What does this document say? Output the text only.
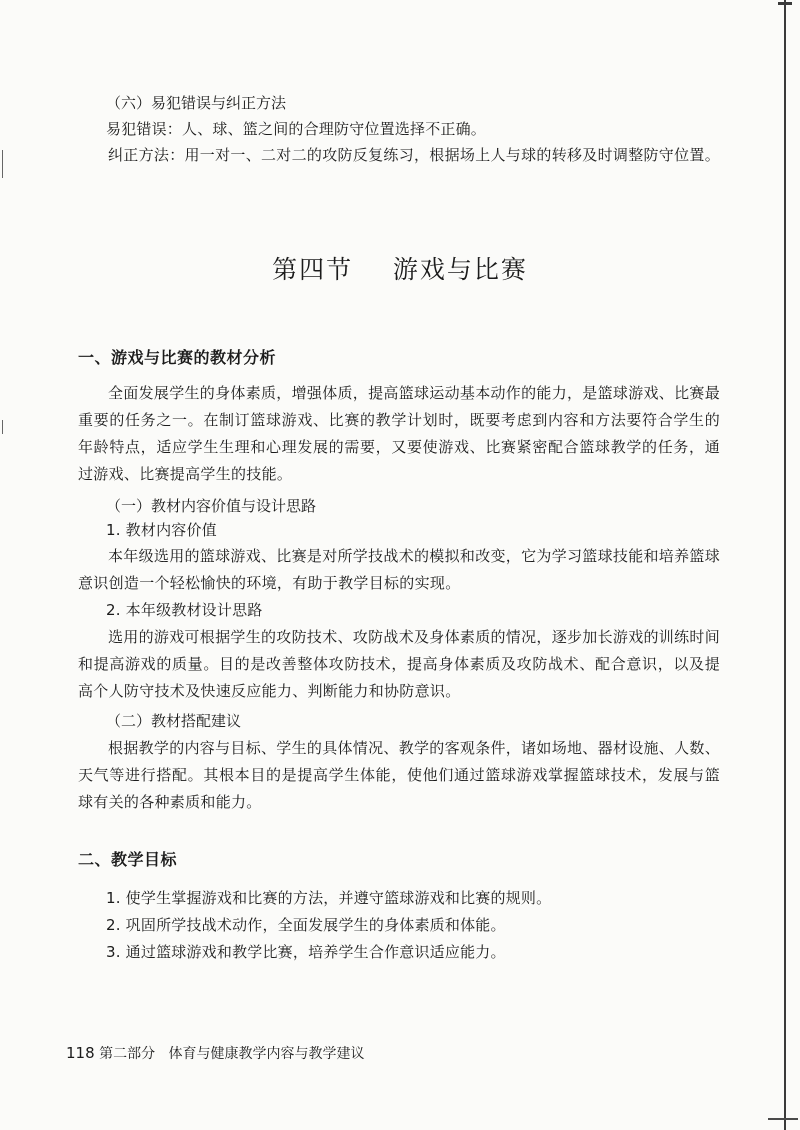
（六）易犯错误与纠正方法
易犯错误：人、球、篮之间的合理防守位置选择不正确。

纠正方法：用一对一、二对二的攻防反复练习，根据场上人与球的转移及时调整防守位置。

第四节 游戏与比赛
一、游戏与比赛的教材分析

全面发展学生的身体素质，增强体质，提高篮球运动基本动作的能力，是篮球游戏、比赛最重要的任务之一。在制订篮球游戏、比赛的教学计划时，既要考虑到内容和方法要符合学生的年龄特点，适应学生生理和心理发展的需要，又要使游戏、比赛紧密配合篮球教学的任务，通过游戏、比赛提高学生的技能。

（一）教材内容价值与设计思路
1. 教材内容价值

本年级选用的篮球游戏、比赛是对所学技战术的模拟和改变，它为学习篮球技能和培养篮球意识创造一个轻松愉快的环境，有助于教学目标的实现。

2. 本年级教材设计思路

选用的游戏可根据学生的攻防技术、攻防战术及身体素质的情况，逐步加长游戏的训练时间和提高游戏的质量。目的是改善整体攻防技术，提高身体素质及攻防战术、配合意识，以及提高个人防守技术及快速反应能力、判断能力和协防意识。

（二）教材搭配建议

根据教学的内容与目标、学生的具体情况、教学的客观条件，诸如场地、器材设施、人数、天气等进行搭配。其根本目的是提高学生体能，使他们通过篮球游戏掌握篮球技术，发展与篮球有关的各种素质和能力。

二、教学目标
1. 使学生掌握游戏和比赛的方法，并遵守篮球游戏和比赛的规则。
2. 巩固所学技战术动作，全面发展学生的身体素质和体能。
3. 通过篮球游戏和教学比赛，培养学生合作意识适应能力。
118 第二部分 体育与健康教学内容与教学建议
